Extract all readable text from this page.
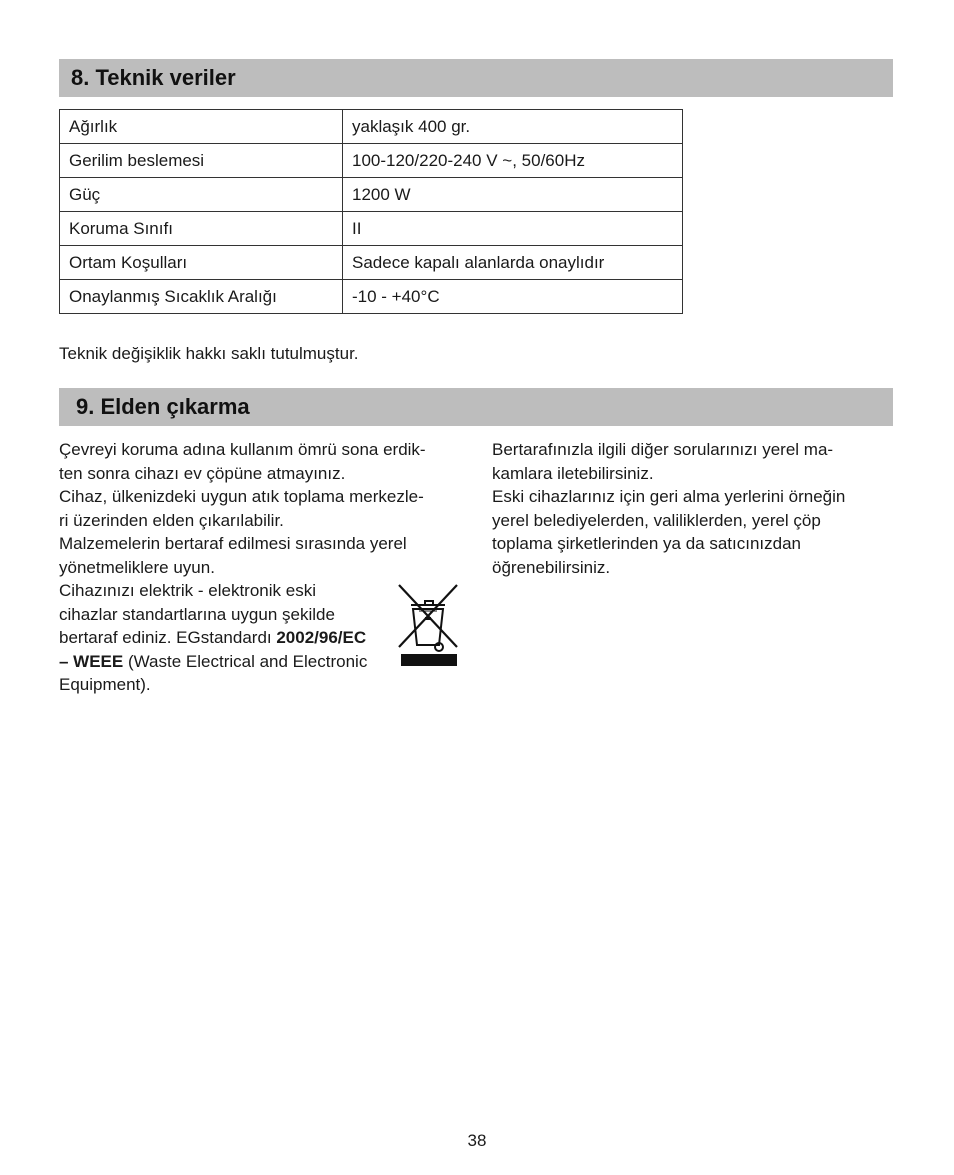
8. Teknik veriler
Ağırlık	yaklaşık 400 gr.
Gerilim beslemesi	100-120/220-240 V ~, 50/60Hz
Güç	1200 W
Koruma Sınıfı	II
Ortam Koşulları	Sadece kapalı alanlarda onaylıdır
Onaylanmış Sıcaklık Aralığı	-10 - +40°C
Teknik değişiklik hakkı saklı tutulmuştur.
9. Elden çıkarma

Çevreyi koruma adına kullanım ömrü sona erdik-

ten sonra cihazı ev çöpüne atmayınız.

Cihaz, ülkenizdeki uygun atık toplama merkezle-

ri üzerinden elden çıkarılabilir.

Malzemelerin bertaraf edilmesi sırasında yerel

yönetmeliklere uyun.

Cihazınızı elektrik - elektronik eski

cihazlar standartlarına uygun şekilde

bertaraf ediniz. EGstandardı 2002/96/EC

– WEEE (Waste Electrical and Electronic

Equipment).

Bertarafınızla ilgili diğer sorularınızı yerel ma-

kamlara iletebilirsiniz.

Eski cihazlarınız için geri alma yerlerini örneğin

yerel belediyelerden, valiliklerden, yerel çöp

toplama şirketlerinden ya da satıcınızdan

öğrenebilirsiniz.

38
